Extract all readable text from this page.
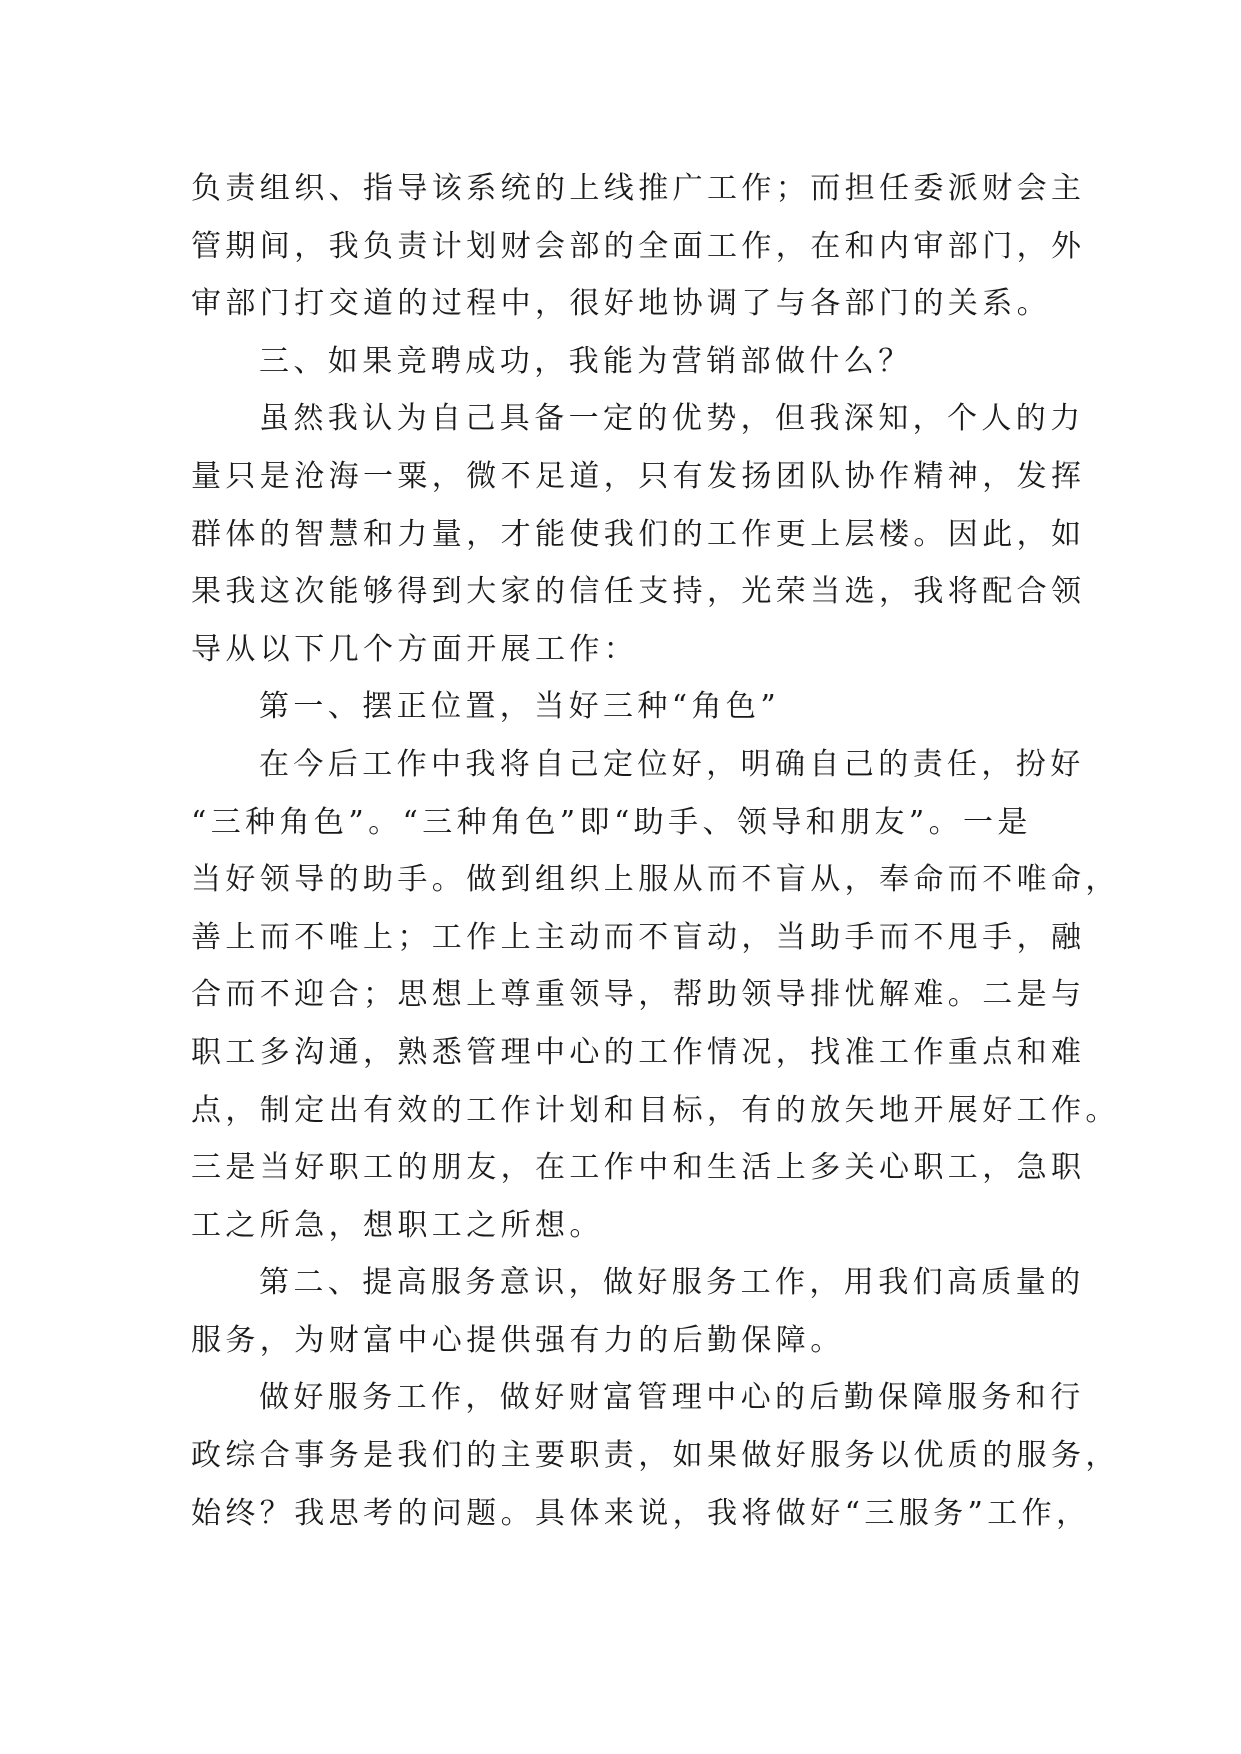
负责组织、指导该系统的上线推广工作；而担任委派财会主
管期间，我负责计划财会部的全面工作，在和内审部门，外
审部门打交道的过程中，很好地协调了与各部门的关系。
三、如果竞聘成功，我能为营销部做什么？
虽然我认为自己具备一定的优势，但我深知，个人的力
量只是沧海一粟，微不足道，只有发扬团队协作精神，发挥
群体的智慧和力量，才能使我们的工作更上层楼。因此，如
果我这次能够得到大家的信任支持，光荣当选，我将配合领
导从以下几个方面开展工作：
第一、摆正位置，当好三种“角色”
在今后工作中我将自己定位好，明确自己的责任，扮好
“三种角色”。“三种角色”即“助手、领导和朋友”。一是
当好领导的助手。做到组织上服从而不盲从，奉命而不唯命，
善上而不唯上；工作上主动而不盲动，当助手而不甩手，融
合而不迎合；思想上尊重领导，帮助领导排忧解难。二是与
职工多沟通，熟悉管理中心的工作情况，找准工作重点和难
点，制定出有效的工作计划和目标，有的放矢地开展好工作。
三是当好职工的朋友，在工作中和生活上多关心职工，急职
工之所急，想职工之所想。
第二、提高服务意识，做好服务工作，用我们高质量的
服务，为财富中心提供强有力的后勤保障。
做好服务工作，做好财富管理中心的后勤保障服务和行
政综合事务是我们的主要职责，如果做好服务以优质的服务，
始终？我思考的问题。具体来说，我将做好“三服务”工作，
